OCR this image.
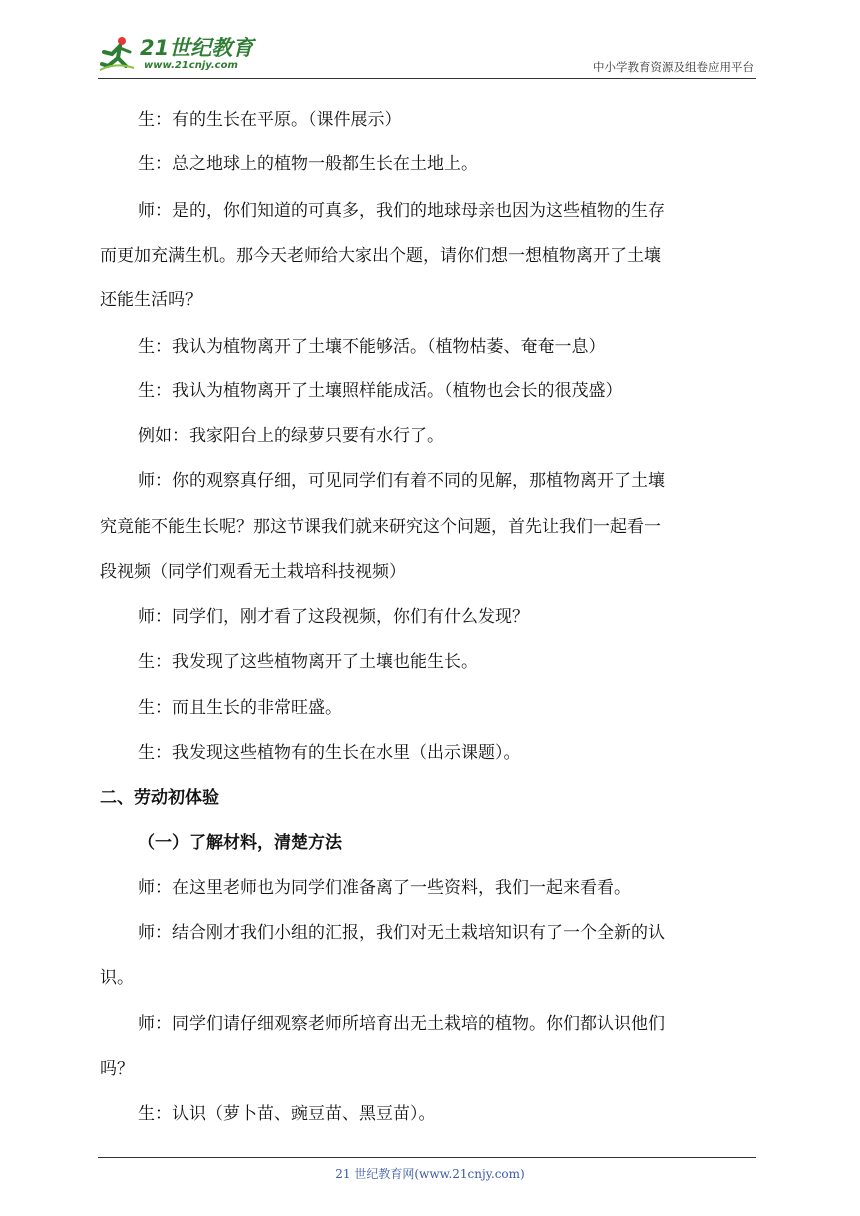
21世纪教育
www.21cnjy.com	中小学教育资源及组卷应用平台
生：有的生长在平原。（课件展示）
生：总之地球上的植物一般都生长在土地上。
师：是的，你们知道的可真多，我们的地球母亲也因为这些植物的生存
而更加充满生机。那今天老师给大家出个题，请你们想一想植物离开了土壤
还能生活吗？
生：我认为植物离开了土壤不能够活。（植物枯萎、奄奄一息）
生：我认为植物离开了土壤照样能成活。（植物也会长的很茂盛）
例如：我家阳台上的绿萝只要有水行了。
师：你的观察真仔细，可见同学们有着不同的见解，那植物离开了土壤
究竟能不能生长呢？那这节课我们就来研究这个问题，首先让我们一起看一
段视频（同学们观看无土栽培科技视频）
师：同学们，刚才看了这段视频，你们有什么发现？
生：我发现了这些植物离开了土壤也能生长。
生：而且生长的非常旺盛。
生：我发现这些植物有的生长在水里（出示课题）。
二、劳动初体验
（一）了解材料，清楚方法
师：在这里老师也为同学们准备离了一些资料，我们一起来看看。
师：结合刚才我们小组的汇报，我们对无土栽培知识有了一个全新的认
识。
师：同学们请仔细观察老师所培育出无土栽培的植物。你们都认识他们
吗？
生：认识（萝卜苗、豌豆苗、黑豆苗）。
21 世纪教育网(www.21cnjy.com)
